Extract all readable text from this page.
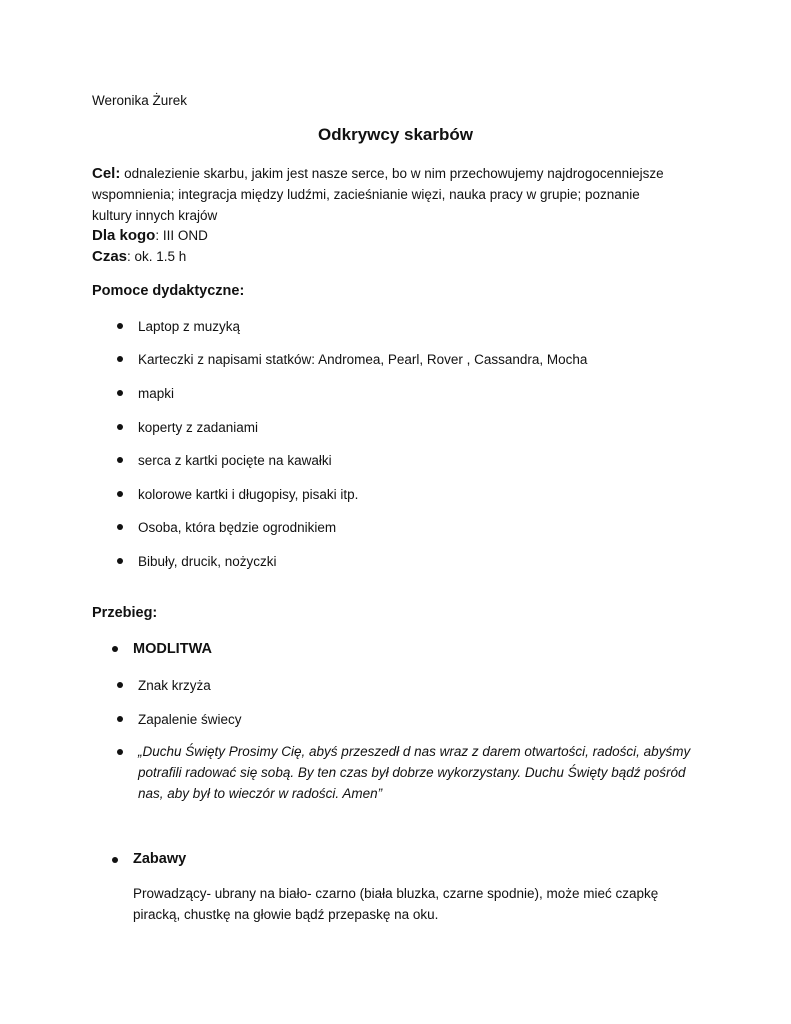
Weronika Żurek
Odkrywcy skarbów
Cel: odnalezienie skarbu, jakim jest nasze serce, bo w nim przechowujemy najdrogocenniejsze wspomnienia; integracja między ludźmi, zacieśnianie więzi, nauka pracy w grupie; poznanie kultury innych krajów
Dla kogo: III OND
Czas: ok. 1.5 h
Pomoce dydaktyczne:
Laptop z muzyką
Karteczki z napisami statków: Andromea, Pearl, Rover , Cassandra, Mocha
mapki
koperty z zadaniami
serca z kartki pocięte na kawałki
kolorowe kartki i długopisy, pisaki itp.
Osoba, która będzie ogrodnikiem
Bibuły, drucik, nożyczki
Przebieg:
MODLITWA
Znak krzyża
Zapalenie świecy
„Duchu Święty Prosimy Cię, abyś przeszedł d nas wraz z darem otwartości, radości, abyśmy potrafili radować się sobą. By ten czas był dobrze wykorzystany. Duchu Święty bądź pośród nas, aby był to wieczór w radości. Amen”
Zabawy
Prowadzący- ubrany na biało- czarno (biała bluzka, czarne spodnie), może mieć czapkę piracką, chustkę na głowie bądź przepaskę na oku.
